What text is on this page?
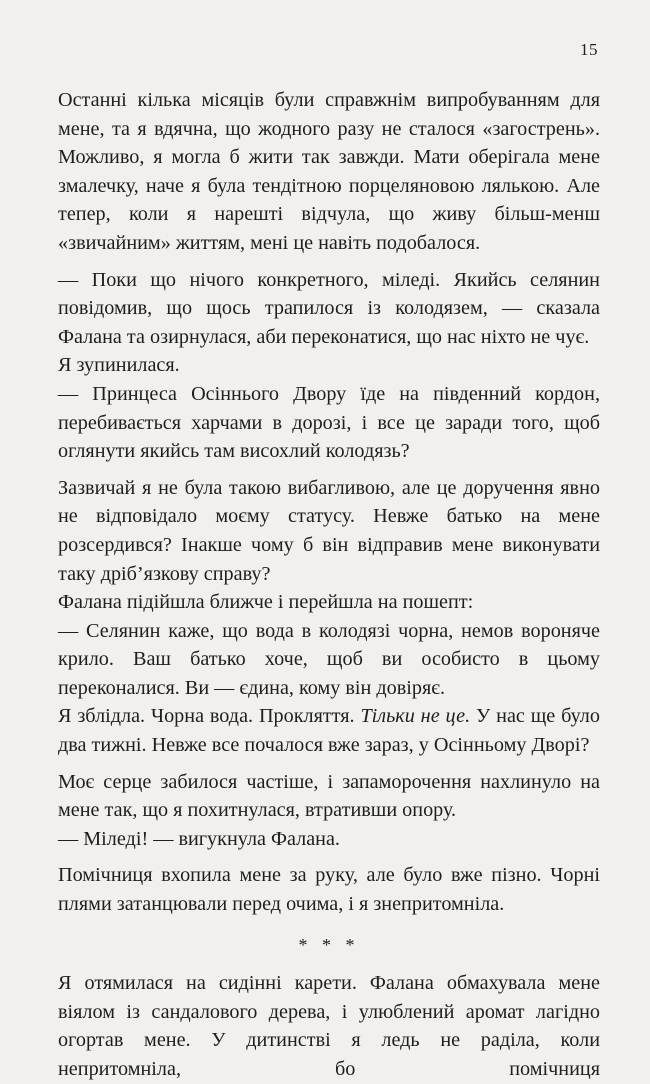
15

Останні кілька місяців були справжнім випробуванням для мене, та я вдячна, що жодного разу не сталося «загострень». Можливо, я могла б жити так завжди. Мати оберігала мене змалечку, наче я була тендітною порцеляновою лялькою. Але тепер, коли я нарешті відчула, що живу більш-менш «звичайним» життям, мені це навіть подобалося.

— Поки що нічого конкретного, міледі. Якийсь селянин повідомив, що щось трапилося із колодязем, — сказала Фалана та озирнулася, аби переконатися, що нас ніхто не чує.

Я зупинилася.

— Принцеса Осіннього Двору їде на південний кордон, перебивається харчами в дорозі, і все це заради того, щоб оглянути якийсь там висохлий колодязь?

Зазвичай я не була такою вибагливою, але це доручення явно не відповідало моєму статусу. Невже батько на мене розсердився? Інакше чому б він відправив мене виконувати таку дріб’язкову справу?

Фалана підійшла ближче і перейшла на пошепт:

— Селянин каже, що вода в колодязі чорна, немов вороняче крило. Ваш батько хоче, щоб ви особисто в цьому переконалися. Ви — єдина, кому він довіряє.

Я зблідла. Чорна вода. Прокляття. Тільки не це. У нас ще було два тижні. Невже все почалося вже зараз, у Осінньому Дворі?

Моє серце забилося частіше, і запаморочення нахлинуло на мене так, що я похитнулася, втративши опору.

— Міледі! — вигукнула Фалана.

Помічниця вхопила мене за руку, але було вже пізно. Чорні плями затанцювали перед очима, і я знепритомніла.

* * *

Я отямилася на сидінні карети. Фалана обмахувала мене віялом із сандалового дерева, і улюблений аромат лагідно огортав мене. У дитинстві я ледь не раділа, коли непритомніла, бо помічниця
